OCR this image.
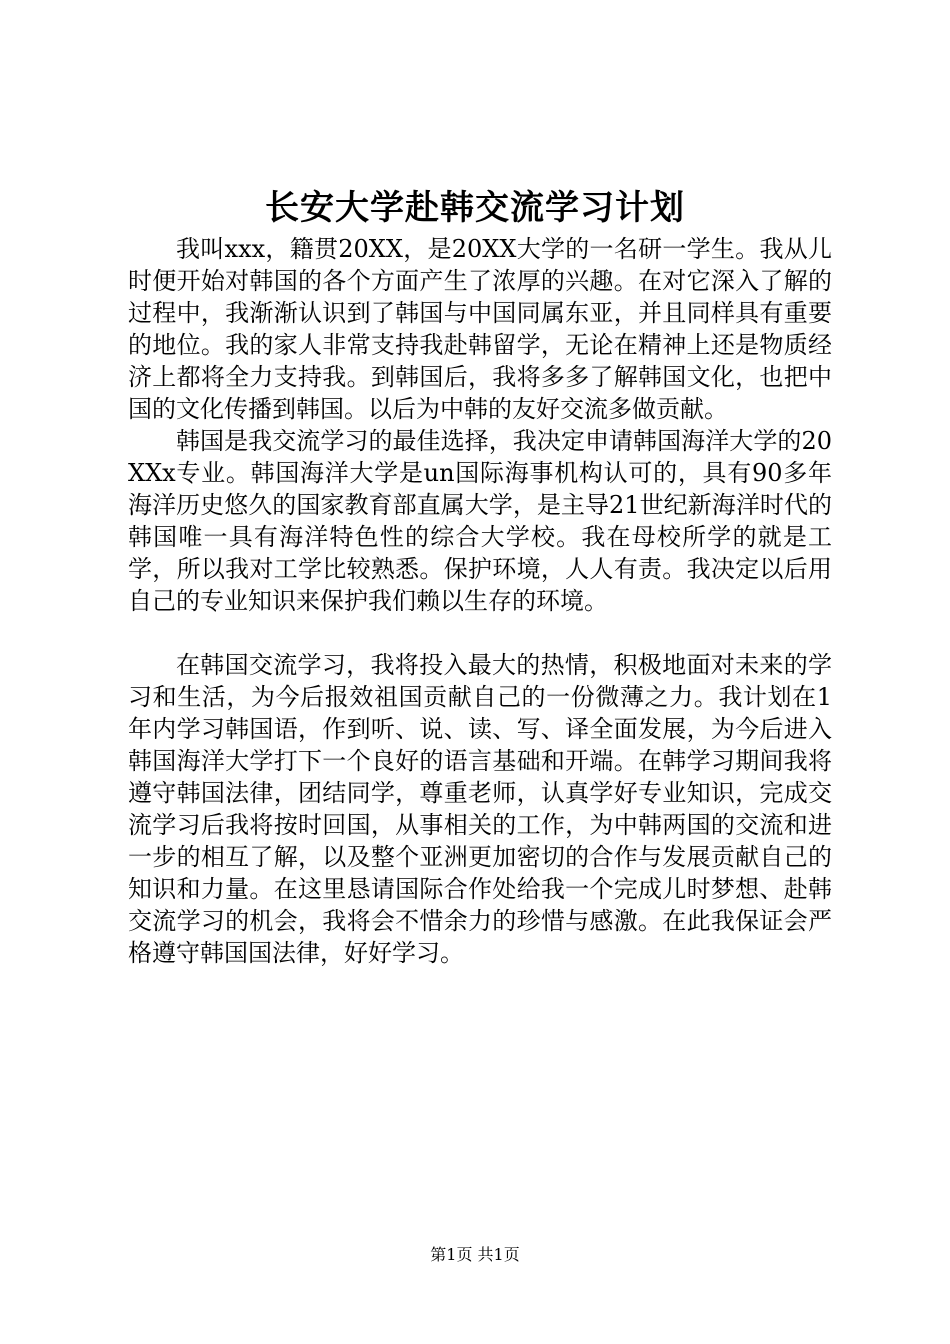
长安大学赴韩交流学习计划

我叫xxx，籍贯20XX，是20XX大学的一名研一学生。我从儿时便开始对韩国的各个方面产生了浓厚的兴趣。在对它深入了解的过程中，我渐渐认识到了韩国与中国同属东亚，并且同样具有重要的地位。我的家人非常支持我赴韩留学，无论在精神上还是物质经济上都将全力支持我。到韩国后，我将多多了解韩国文化，也把中国的文化传播到韩国。以后为中韩的友好交流多做贡献。

韩国是我交流学习的最佳选择，我决定申请韩国海洋大学的20XXx专业。韩国海洋大学是un国际海事机构认可的，具有90多年海洋历史悠久的国家教育部直属大学，是主导21世纪新海洋时代的韩国唯一具有海洋特色性的综合大学校。我在母校所学的就是工学，所以我对工学比较熟悉。保护环境，人人有责。我决定以后用自己的专业知识来保护我们赖以生存的环境。

在韩国交流学习，我将投入最大的热情，积极地面对未来的学习和生活，为今后报效祖国贡献自己的一份微薄之力。我计划在1年内学习韩国语，作到听、说、读、写、译全面发展，为今后进入韩国海洋大学打下一个良好的语言基础和开端。在韩学习期间我将遵守韩国法律，团结同学，尊重老师，认真学好专业知识，完成交流学习后我将按时回国，从事相关的工作，为中韩两国的交流和进一步的相互了解，以及整个亚洲更加密切的合作与发展贡献自己的知识和力量。在这里恳请国际合作处给我一个完成儿时梦想、赴韩交流学习的机会，我将会不惜余力的珍惜与感激。在此我保证会严格遵守韩国国法律，好好学习。

第1页 共1页
